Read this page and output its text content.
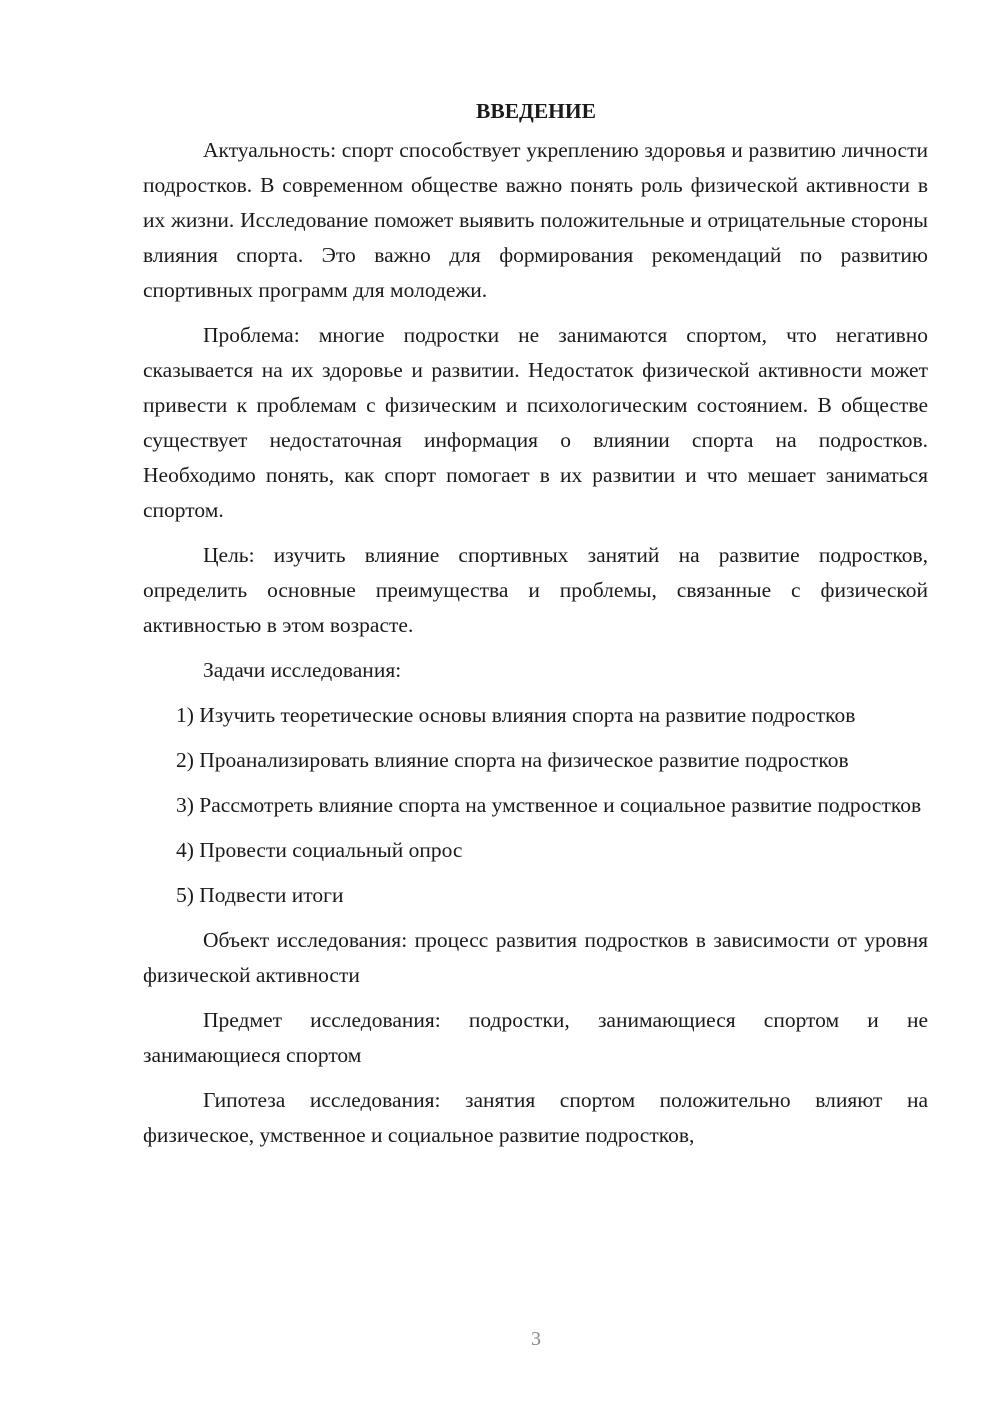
ВВЕДЕНИЕ

Актуальность: спорт способствует укреплению здоровья и развитию личности подростков. В современном обществе важно понять роль физической активности в их жизни. Исследование поможет выявить положительные и отрицательные стороны влияния спорта. Это важно для формирования рекомендаций по развитию спортивных программ для молодежи.

Проблема: многие подростки не занимаются спортом, что негативно сказывается на их здоровье и развитии. Недостаток физической активности может привести к проблемам с физическим и психологическим состоянием. В обществе существует недостаточная информация о влиянии спорта на подростков. Необходимо понять, как спорт помогает в их развитии и что мешает заниматься спортом.

Цель: изучить влияние спортивных занятий на развитие подростков, определить основные преимущества и проблемы, связанные с физической активностью в этом возрасте.

Задачи исследования:

1) Изучить теоретические основы влияния спорта на развитие подростков

2) Проанализировать влияние спорта на физическое развитие подростков

3) Рассмотреть влияние спорта на умственное и социальное развитие подростков

4) Провести социальный опрос

5) Подвести итоги

Объект исследования: процесс развития подростков в зависимости от уровня физической активности

Предмет исследования: подростки, занимающиеся спортом и не занимающиеся спортом

Гипотеза исследования: занятия спортом положительно влияют на физическое, умственное и социальное развитие подростков,

3
